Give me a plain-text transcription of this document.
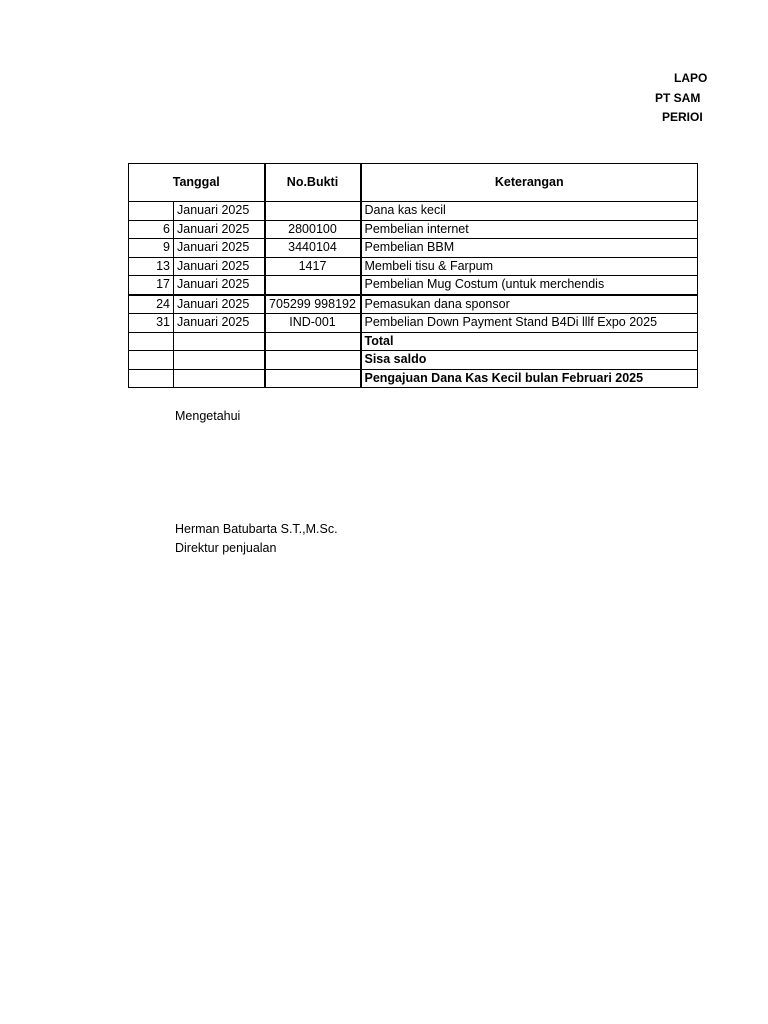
LAPO
PT SAM
PERIOI
Tanggal		No.Bukti	Keterangan
	Januari 2025		Dana kas kecil
6	Januari 2025	2800100	Pembelian internet
9	Januari 2025	3440104	Pembelian BBM
13	Januari 2025	1417	Membeli tisu & Farpum
17	Januari 2025		Pembelian Mug Costum (untuk merchendis
24	Januari 2025	705299 998192	Pemasukan dana sponsor
31	Januari 2025	IND-001	Pembelian Down Payment Stand B4Di lllf Expo 2025
			Total
			Sisa saldo
			Pengajuan Dana Kas Kecil bulan Februari 2025
Mengetahui
Herman Batubarta S.T.,M.Sc.
Direktur penjualan
